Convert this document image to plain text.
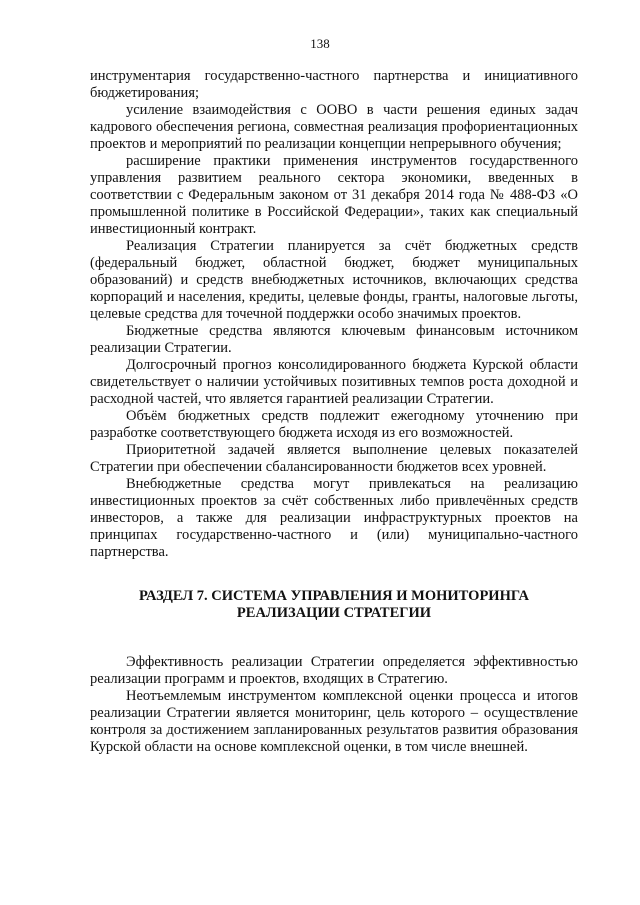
138

инструментария государственно-частного партнерства и инициативного бюджетирования;

усиление взаимодействия с ООВО в части решения единых задач кадрового обеспечения региона, совместная реализация профориентационных проектов и мероприятий по реализации концепции непрерывного обучения;

расширение практики применения инструментов государственного управления развитием реального сектора экономики, введенных в соответствии с Федеральным законом от 31 декабря 2014 года № 488-ФЗ «О промышленной политике в Российской Федерации», таких как специальный инвестиционный контракт.

Реализация Стратегии планируется за счёт бюджетных средств (федеральный бюджет, областной бюджет, бюджет муниципальных образований) и средств внебюджетных источников, включающих средства корпораций и населения, кредиты, целевые фонды, гранты, налоговые льготы, целевые средства для точечной поддержки особо значимых проектов.

Бюджетные средства являются ключевым финансовым источником реализации Стратегии.

Долгосрочный прогноз консолидированного бюджета Курской области свидетельствует о наличии устойчивых позитивных темпов роста доходной и расходной частей, что является гарантией реализации Стратегии.

Объём бюджетных средств подлежит ежегодному уточнению при разработке соответствующего бюджета исходя из его возможностей.

Приоритетной задачей является выполнение целевых показателей Стратегии при обеспечении сбалансированности бюджетов всех уровней.

Внебюджетные средства могут привлекаться на реализацию инвестиционных проектов за счёт собственных либо привлечённых средств инвесторов, а также для реализации инфраструктурных проектов на принципах государственно-частного и (или) муниципально-частного партнерства.

РАЗДЕЛ 7. СИСТЕМА УПРАВЛЕНИЯ И МОНИТОРИНГА
РЕАЛИЗАЦИИ СТРАТЕГИИ

Эффективность реализации Стратегии определяется эффективностью реализации программ и проектов, входящих в Стратегию.

Неотъемлемым инструментом комплексной оценки процесса и итогов реализации Стратегии является мониторинг, цель которого – осуществление контроля за достижением запланированных результатов развития образования Курской области на основе комплексной оценки, в том числе внешней.
